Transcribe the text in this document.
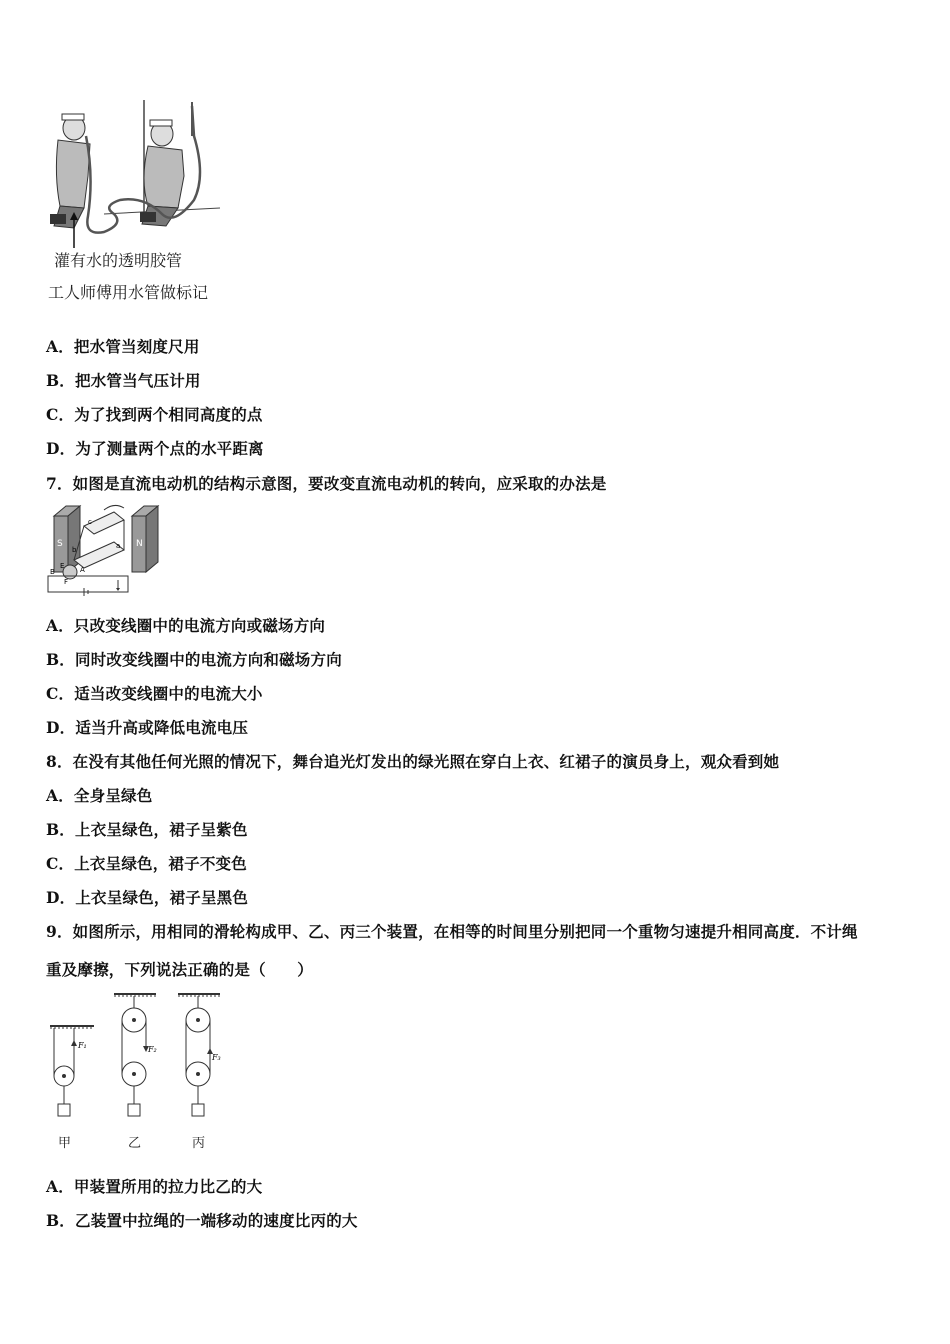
灌有水的透明胶管
工人师傅用水管做标记
A．把水管当刻度尺用
B．把水管当气压计用
C．为了找到两个相同高度的点
D．为了测量两个点的水平距离
7．如图是直流电动机的结构示意图，要改变直流电动机的转向，应采取的办法是
S	N
c
a
b
A
E
F
B
A．只改变线圈中的电流方向或磁场方向
B．同时改变线圈中的电流方向和磁场方向
C．适当改变线圈中的电流大小
D．适当升高或降低电流电压
8．在没有其他任何光照的情况下，舞台追光灯发出的绿光照在穿白上衣、红裙子的演员身上，观众看到她
A．全身呈绿色
B．上衣呈绿色，裙子呈紫色
C．上衣呈绿色，裙子不变色
D．上衣呈绿色，裙子呈黑色
9．如图所示，用相同的滑轮构成甲、乙、丙三个装置，在相等的时间里分别把同一个重物匀速提升相同高度．不计绳
重及摩擦，下列说法正确的是（　　）
F₁	F₂
F₃
甲	乙	丙
A．甲装置所用的拉力比乙的大
B．乙装置中拉绳的一端移动的速度比丙的大
